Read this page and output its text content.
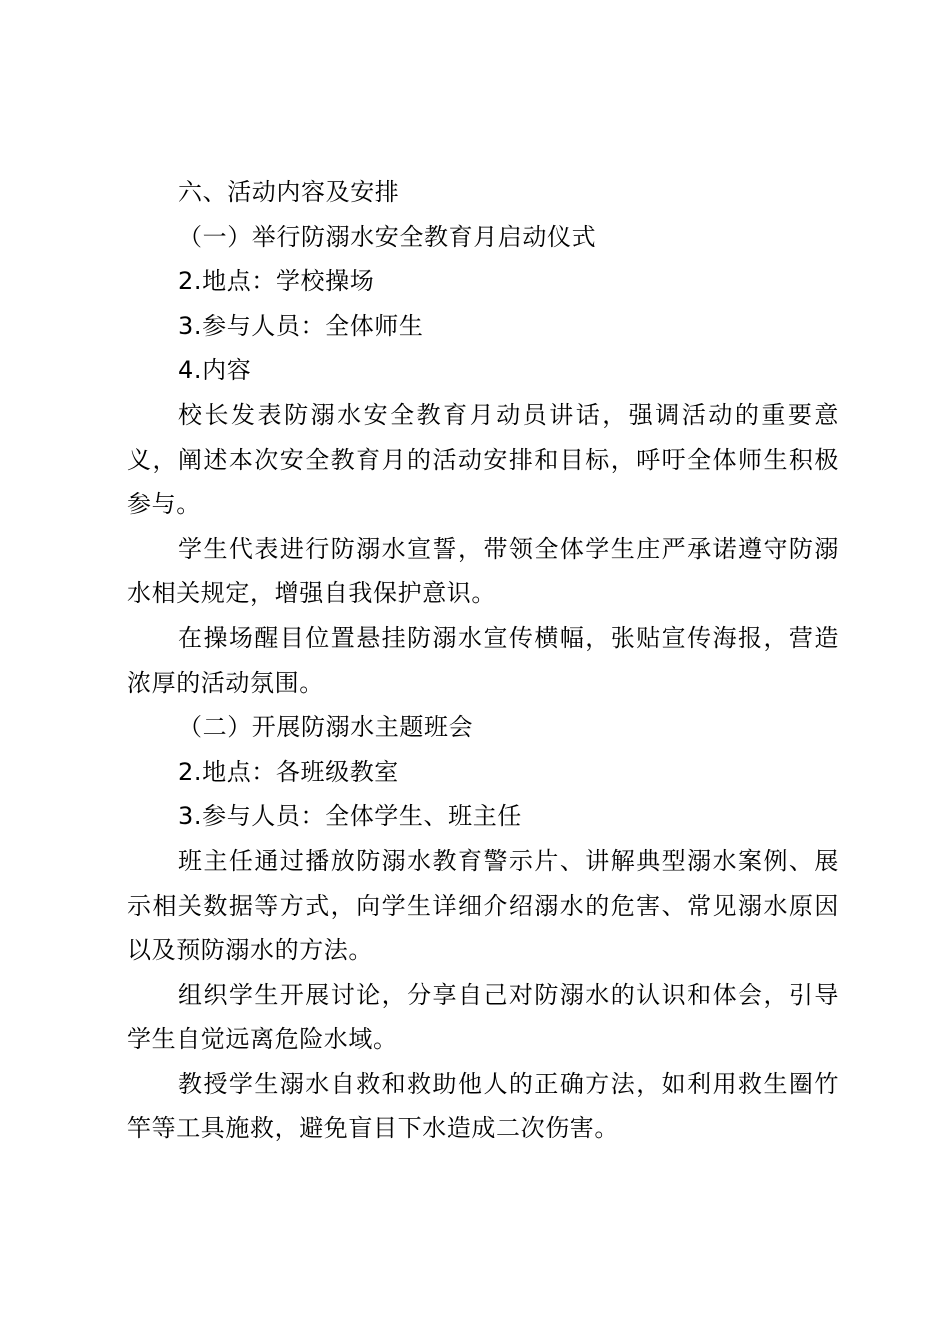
六、活动内容及安排

（一）举行防溺水安全教育月启动仪式

2.地点：学校操场

3.参与人员：全体师生

4.内容

校长发表防溺水安全教育月动员讲话，强调活动的重要意义，阐述本次安全教育月的活动安排和目标，呼吁全体师生积极参与。

学生代表进行防溺水宣誓，带领全体学生庄严承诺遵守防溺水相关规定，增强自我保护意识。

在操场醒目位置悬挂防溺水宣传横幅，张贴宣传海报，营造浓厚的活动氛围。

（二）开展防溺水主题班会

2.地点：各班级教室

3.参与人员：全体学生、班主任

班主任通过播放防溺水教育警示片、讲解典型溺水案例、展示相关数据等方式，向学生详细介绍溺水的危害、常见溺水原因以及预防溺水的方法。

组织学生开展讨论，分享自己对防溺水的认识和体会，引导学生自觉远离危险水域。

教授学生溺水自救和救助他人的正确方法，如利用救生圈竹竿等工具施救，避免盲目下水造成二次伤害。
